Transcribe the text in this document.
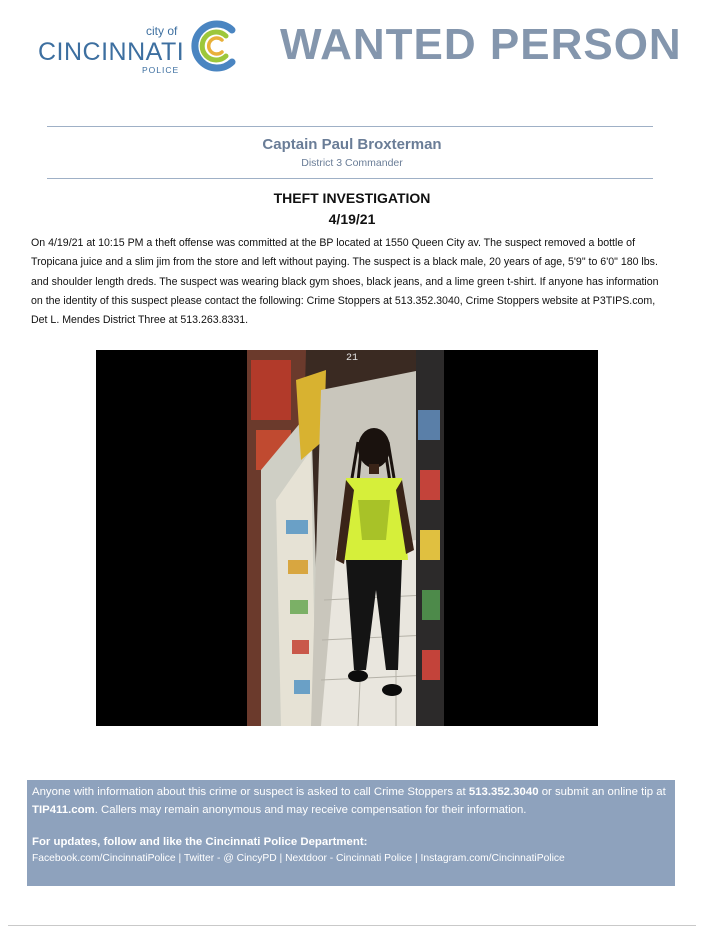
city of
CINCINNATI
POLICE
WANTED PERSON
Captain Paul Broxterman
District 3 Commander
THEFT INVESTIGATION
4/19/21
On 4/19/21 at 10:15 PM a theft offense was committed at the BP located at 1550 Queen City av. The suspect removed a bottle of Tropicana juice and a slim jim from the store and left without paying. The suspect is a black male, 20 years of age, 5'9" to 6'0" 180 lbs. and shoulder length dreds. The suspect was wearing black gym shoes, black jeans, and a lime green t-shirt. If anyone has information on the identity of this suspect please contact the following: Crime Stoppers at 513.352.3040, Crime Stoppers website at P3TIPS.com, Det L. Mendes District Three at 513.263.8331.
21

Anyone with information about this crime or suspect is asked to call Crime Stoppers at 513.352.3040 or submit an online tip at TIP411.com. Callers may remain anonymous and may receive compensation for their information.

For updates, follow and like the Cincinnati Police Department:

Facebook.com/CincinnatiPolice | Twitter - @ CincyPD | Nextdoor - Cincinnati Police | Instagram.com/CincinnatiPolice
